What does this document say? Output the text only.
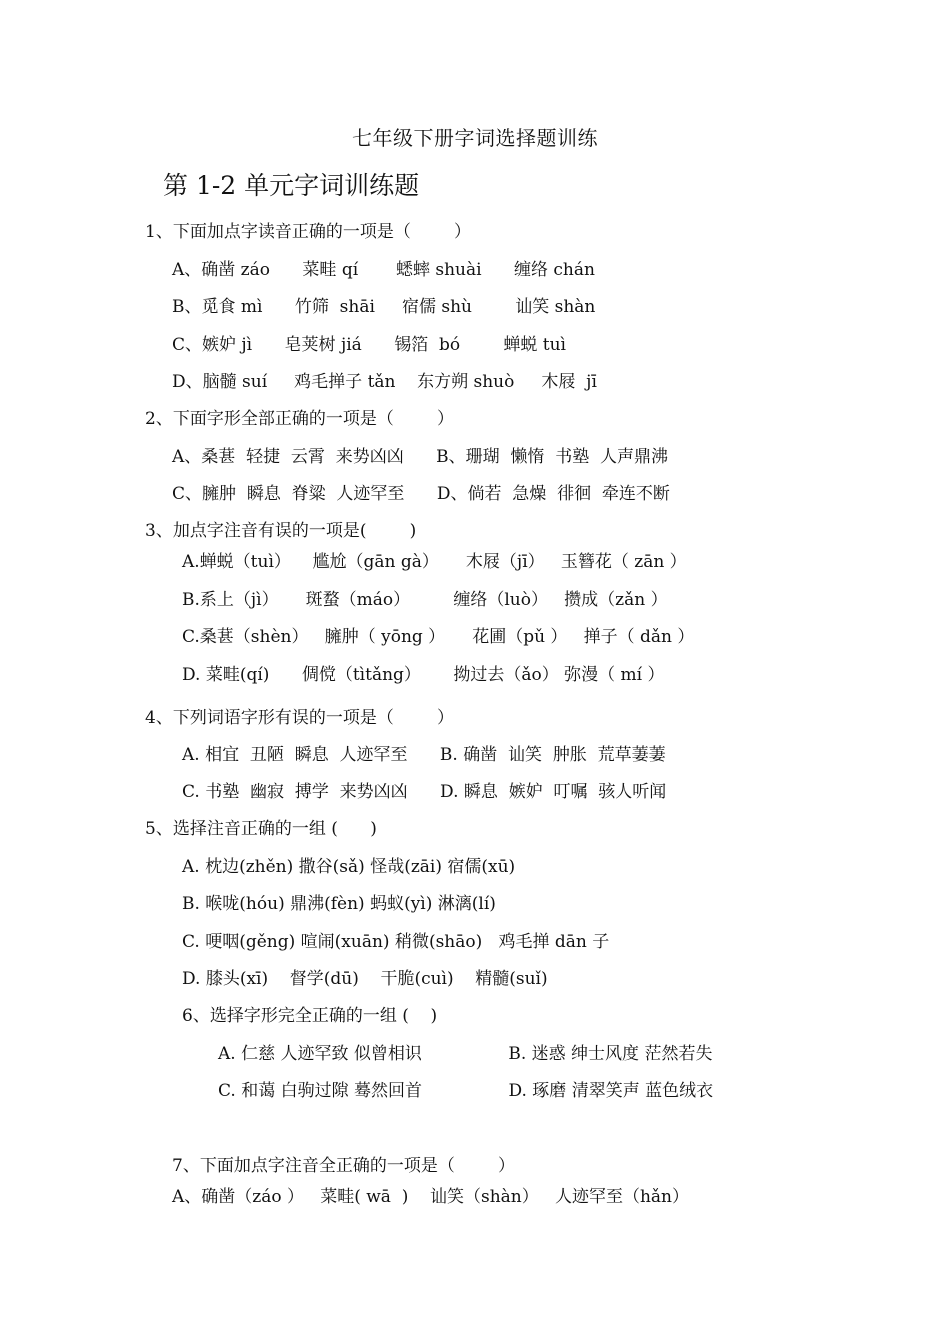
七年级下册字词选择题训练
第 1-2 单元字词训练题
1、下面加点字读音正确的一项是（        ）
A、确凿 záo      菜畦 qí       蟋蟀 shuài      缠络 chán
B、觅食 mì      竹筛  shāi     宿儒 shù        讪笑 shàn
C、嫉妒 jì      皂荚树 jiá      锡箔  bó        蝉蜕 tuì
D、脑髓 suí     鸡毛掸子 tǎn    东方朔 shuò     木屐  jī
2、下面字形全部正确的一项是（        ）
A、桑葚  轻捷  云霄  来势凶凶      B、珊瑚  懒惰  书塾  人声鼎沸
C、臃肿  瞬息  脊粱  人迹罕至      D、倘若  急燥  徘徊  牵连不断
3、加点字注音有误的一项是(        )
A.蝉蜕（tuì）    尴尬（gān gà）     木屐（jī）   玉簪花（ zān ）
B.系上（jì）     斑蝥（máo）        缠络（luò）   攒成（zǎn ）
C.桑葚（shèn）   臃肿（ yōng ）     花圃（pǔ ）   掸子（ dǎn ）
D. 菜畦(qí)      倜傥（tìtǎng）      拗过去（ǎo） 弥漫（ mí ）
4、下列词语字形有误的一项是（        ）
A. 相宜  丑陋  瞬息  人迹罕至      B. 确凿  讪笑  肿胀  荒草萋萋
C. 书塾  幽寂  搏学  来势凶凶      D. 瞬息  嫉妒  叮嘱  骇人听闻
5、选择注音正确的一组 (      )
A. 枕边(zhěn) 撒谷(sǎ) 怪哉(zāi) 宿儒(xū)
B. 喉咙(hóu) 鼎沸(fèn) 蚂蚁(yì) 淋漓(lí)
C. 哽咽(gěng) 喧闹(xuān) 稍微(shāo)   鸡毛掸 dān 子
D. 膝头(xī)    督学(dū)    干脆(cuì)    精髓(suǐ)
6、选择字形完全正确的一组 (    )
A. 仁慈 人迹罕致 似曾相识                B. 迷惑 绅士风度 茫然若失
C. 和蔼 白驹过隙 蓦然回首                D. 琢磨 清翠笑声 蓝色绒衣
7、下面加点字注音全正确的一项是（        ）
A、确凿（záo ）   菜畦( wā  )    讪笑（shàn）   人迹罕至（hǎn）
